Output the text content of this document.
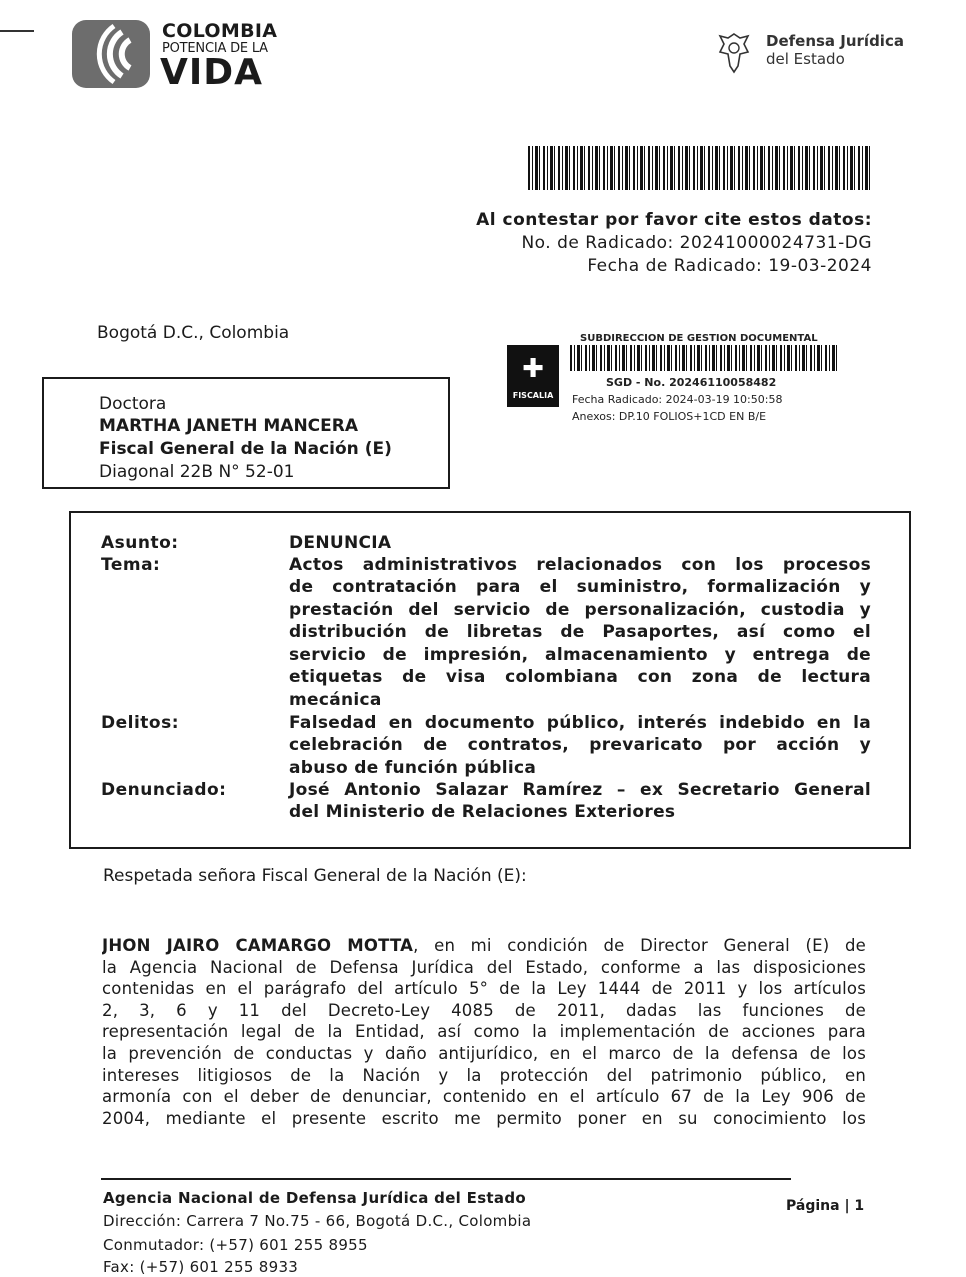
COLOMBIA
POTENCIA DE LA
VIDA
Defensa Jurídica
del Estado
Al contestar por favor cite estos datos:
No. de Radicado: 20241000024731-DG
Fecha de Radicado: 19-03-2024
Bogotá D.C., Colombia
Doctora
MARTHA JANETH MANCERA
Fiscal General de la Nación (E)
Diagonal 22B N° 52-01
✚
FISCALIA
SUBDIRECCION DE GESTION DOCUMENTAL
SGD - No. 20246110058482
Fecha Radicado: 2024-03-19 10:50:58
Anexos: DP.10 FOLIOS+1CD EN B/E
Asunto:	DENUNCIA
Tema:	Actos administrativos relacionados con los procesos
de contratación para el suministro, formalización y
prestación del servicio de personalización, custodia y
distribución de libretas de Pasaportes, así como el
servicio de impresión, almacenamiento y entrega de
etiquetas de visa colombiana con zona de lectura
mecánica
Delitos:	Falsedad en documento público, interés indebido en la
celebración de contratos, prevaricato por acción y
abuso de función pública
Denunciado:	José Antonio Salazar Ramírez – ex Secretario General
del Ministerio de Relaciones Exteriores
Respetada señora Fiscal General de la Nación (E):
JHON JAIRO CAMARGO MOTTA, en mi condición de Director General (E) de
la Agencia Nacional de Defensa Jurídica del Estado, conforme a las disposiciones
contenidas en el parágrafo del artículo 5° de la Ley 1444 de 2011 y los artículos
2, 3, 6 y 11 del Decreto-Ley 4085 de 2011, dadas las funciones de
representación legal de la Entidad, así como la implementación de acciones para
la prevención de conductas y daño antijurídico, en el marco de la defensa de los
intereses litigiosos de la Nación y la protección del patrimonio público, en
armonía con el deber de denunciar, contenido en el artículo 67 de la Ley 906 de
2004, mediante el presente escrito me permito poner en su conocimiento los
Agencia Nacional de Defensa Jurídica del Estado
Dirección: Carrera 7 No.75 - 66, Bogotá D.C., Colombia
Conmutador: (+57) 601 255 8955
Fax: (+57) 601 255 8933
Página | 1
